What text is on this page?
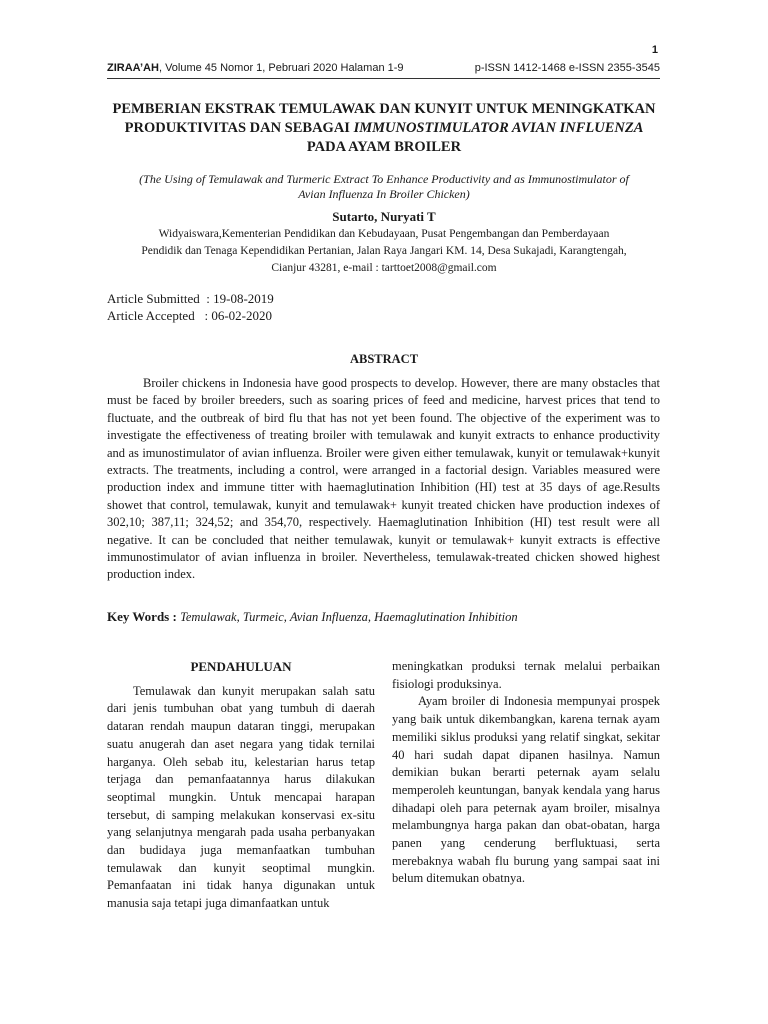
1
ZIRAA’AH, Volume 45 Nomor 1, Pebruari 2020 Halaman 1-9	p-ISSN 1412-1468 e-ISSN 2355-3545
PEMBERIAN EKSTRAK TEMULAWAK DAN KUNYIT UNTUK MENINGKATKAN
PRODUKTIVITAS DAN SEBAGAI IMMUNOSTIMULATOR AVIAN INFLUENZA
PADA AYAM BROILER
(The Using of Temulawak and Turmeric Extract To Enhance Productivity and as Immunostimulator of
Avian Influenza In Broiler Chicken)
Sutarto, Nuryati T
Widyaiswara,Kementerian Pendidikan dan Kebudayaan, Pusat Pengembangan dan Pemberdayaan
Pendidik dan Tenaga Kependidikan Pertanian, Jalan Raya Jangari KM. 14, Desa Sukajadi, Karangtengah,
Cianjur 43281, e-mail : tarttoet2008@gmail.com
Article Submitted  : 19-08-2019
Article Accepted   : 06-02-2020
ABSTRACT
Broiler chickens in Indonesia have good prospects to develop. However, there are many obstacles that must be faced by broiler breeders, such as soaring prices of feed and medicine, harvest prices that tend to fluctuate, and the outbreak of bird flu that has not yet been found. The objective of the experiment was to investigate the effectiveness of treating broiler with temulawak and kunyit extracts to enhance productivity and as imunostimulator of avian influenza. Broiler were given either temulawak, kunyit or temulawak+kunyit extracts. The treatments, including a control, were arranged in a factorial design. Variables measured were production index and immune titter with haemaglutination Inhibition (HI) test at 35 days of age.Results showet that control, temulawak, kunyit and temulawak+ kunyit treated chicken have production indexes of 302,10; 387,11; 324,52; and 354,70, respectively. Haemaglutination Inhibition (HI) test result were all negative. It can be concluded that neither temulawak, kunyit or temulawak+ kunyit extracts is effective immunostimulator of avian influenza in broiler. Nevertheless, temulawak-treated chicken showed highest production index.
Key Words : Temulawak, Turmeic, Avian Influenza, Haemaglutination Inhibition
PENDAHULUAN

Temulawak dan kunyit merupakan salah satu dari jenis tumbuhan obat yang tumbuh di daerah dataran rendah maupun dataran tinggi, merupakan suatu anugerah dan aset negara yang tidak ternilai harganya. Oleh sebab itu, kelestarian harus tetap terjaga dan pemanfaatannya harus dilakukan seoptimal mungkin. Untuk mencapai harapan tersebut, di samping melakukan konservasi ex-situ yang selanjutnya mengarah pada usaha perbanyakan dan budidaya juga memanfaatkan tumbuhan temulawak dan kunyit seoptimal mungkin. Pemanfaatan ini tidak hanya digunakan untuk manusia saja tetapi juga dimanfaatkan untuk

meningkatkan produksi ternak melalui perbaikan fisiologi produksinya.

Ayam broiler di Indonesia mempunyai prospek yang baik untuk dikembangkan, karena ternak ayam memiliki siklus produksi yang relatif singkat, sekitar 40 hari sudah dapat dipanen hasilnya. Namun demikian bukan berarti peternak ayam selalu memperoleh keuntungan, banyak kendala yang harus dihadapi oleh para peternak ayam broiler, misalnya melambungnya harga pakan dan obat-obatan, harga panen yang cenderung berfluktuasi, serta merebaknya wabah flu burung yang sampai saat ini belum ditemukan obatnya.
